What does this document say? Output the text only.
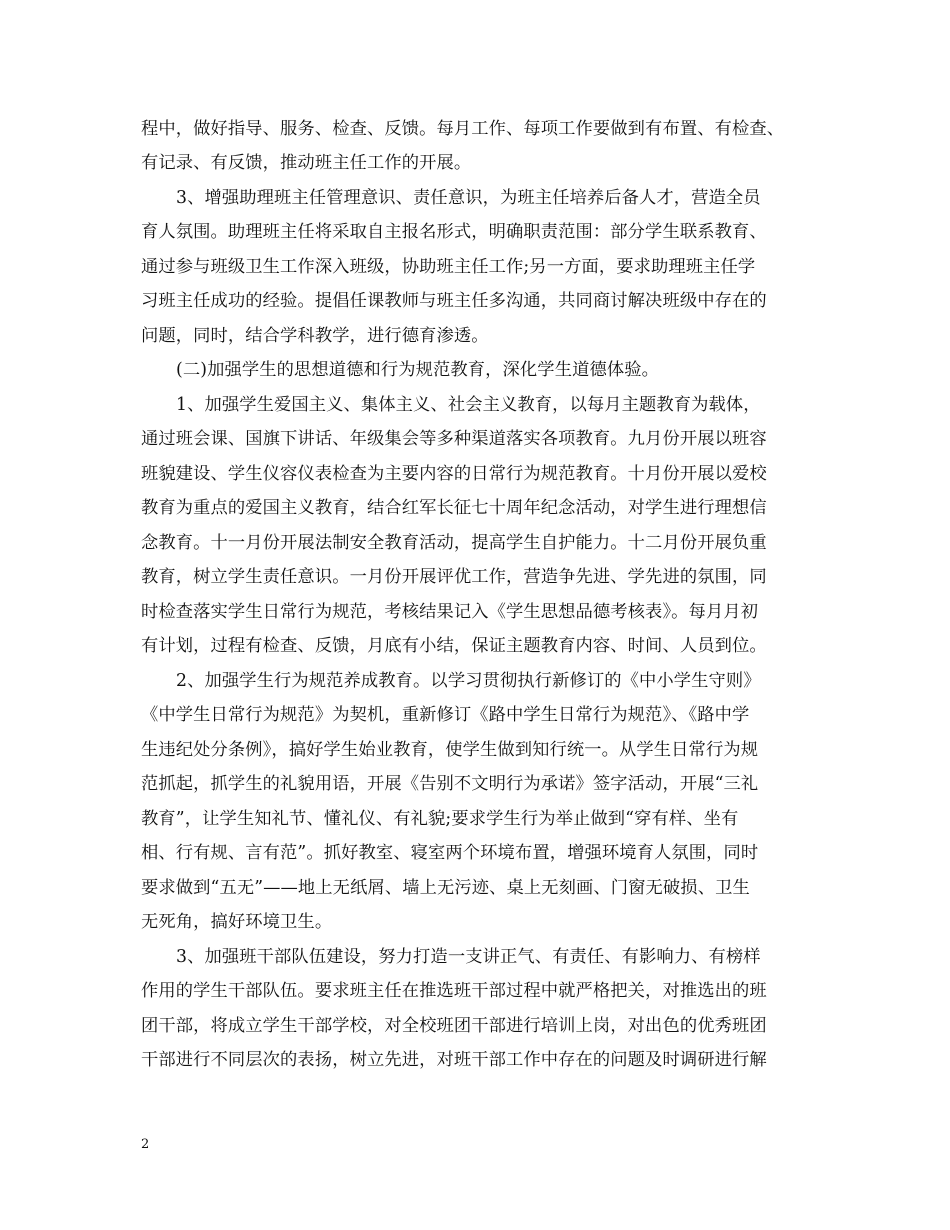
程中，做好指导、服务、检查、反馈。每月工作、每项工作要做到有布置、有检查、
有记录、有反馈，推动班主任工作的开展。
3、增强助理班主任管理意识、责任意识，为班主任培养后备人才，营造全员
育人氛围。助理班主任将采取自主报名形式，明确职责范围：部分学生联系教育、
通过参与班级卫生工作深入班级，协助班主任工作;另一方面，要求助理班主任学
习班主任成功的经验。提倡任课教师与班主任多沟通，共同商讨解决班级中存在的
问题，同时，结合学科教学，进行德育渗透。
(二)加强学生的思想道德和行为规范教育，深化学生道德体验。
1、加强学生爱国主义、集体主义、社会主义教育，以每月主题教育为载体，
通过班会课、国旗下讲话、年级集会等多种渠道落实各项教育。九月份开展以班容
班貌建设、学生仪容仪表检查为主要内容的日常行为规范教育。十月份开展以爱校
教育为重点的爱国主义教育，结合红军长征七十周年纪念活动，对学生进行理想信
念教育。十一月份开展法制安全教育活动，提高学生自护能力。十二月份开展负重
教育，树立学生责任意识。一月份开展评优工作，营造争先进、学先进的氛围，同
时检查落实学生日常行为规范，考核结果记入《学生思想品德考核表》。每月月初
有计划，过程有检查、反馈，月底有小结，保证主题教育内容、时间、人员到位。
2、加强学生行为规范养成教育。以学习贯彻执行新修订的《中小学生守则》
《中学生日常行为规范》为契机，重新修订《路中学生日常行为规范》、《路中学
生违纪处分条例》，搞好学生始业教育，使学生做到知行统一。从学生日常行为规
范抓起，抓学生的礼貌用语，开展《告别不文明行为承诺》签字活动，开展“三礼
教育”，让学生知礼节、懂礼仪、有礼貌;要求学生行为举止做到“穿有样、坐有
相、行有规、言有范”。抓好教室、寝室两个环境布置，增强环境育人氛围，同时
要求做到“五无”——地上无纸屑、墙上无污迹、桌上无刻画、门窗无破损、卫生
无死角，搞好环境卫生。
3、加强班干部队伍建设，努力打造一支讲正气、有责任、有影响力、有榜样
作用的学生干部队伍。要求班主任在推选班干部过程中就严格把关，对推选出的班
团干部，将成立学生干部学校，对全校班团干部进行培训上岗，对出色的优秀班团
干部进行不同层次的表扬，树立先进，对班干部工作中存在的问题及时调研进行解
2
